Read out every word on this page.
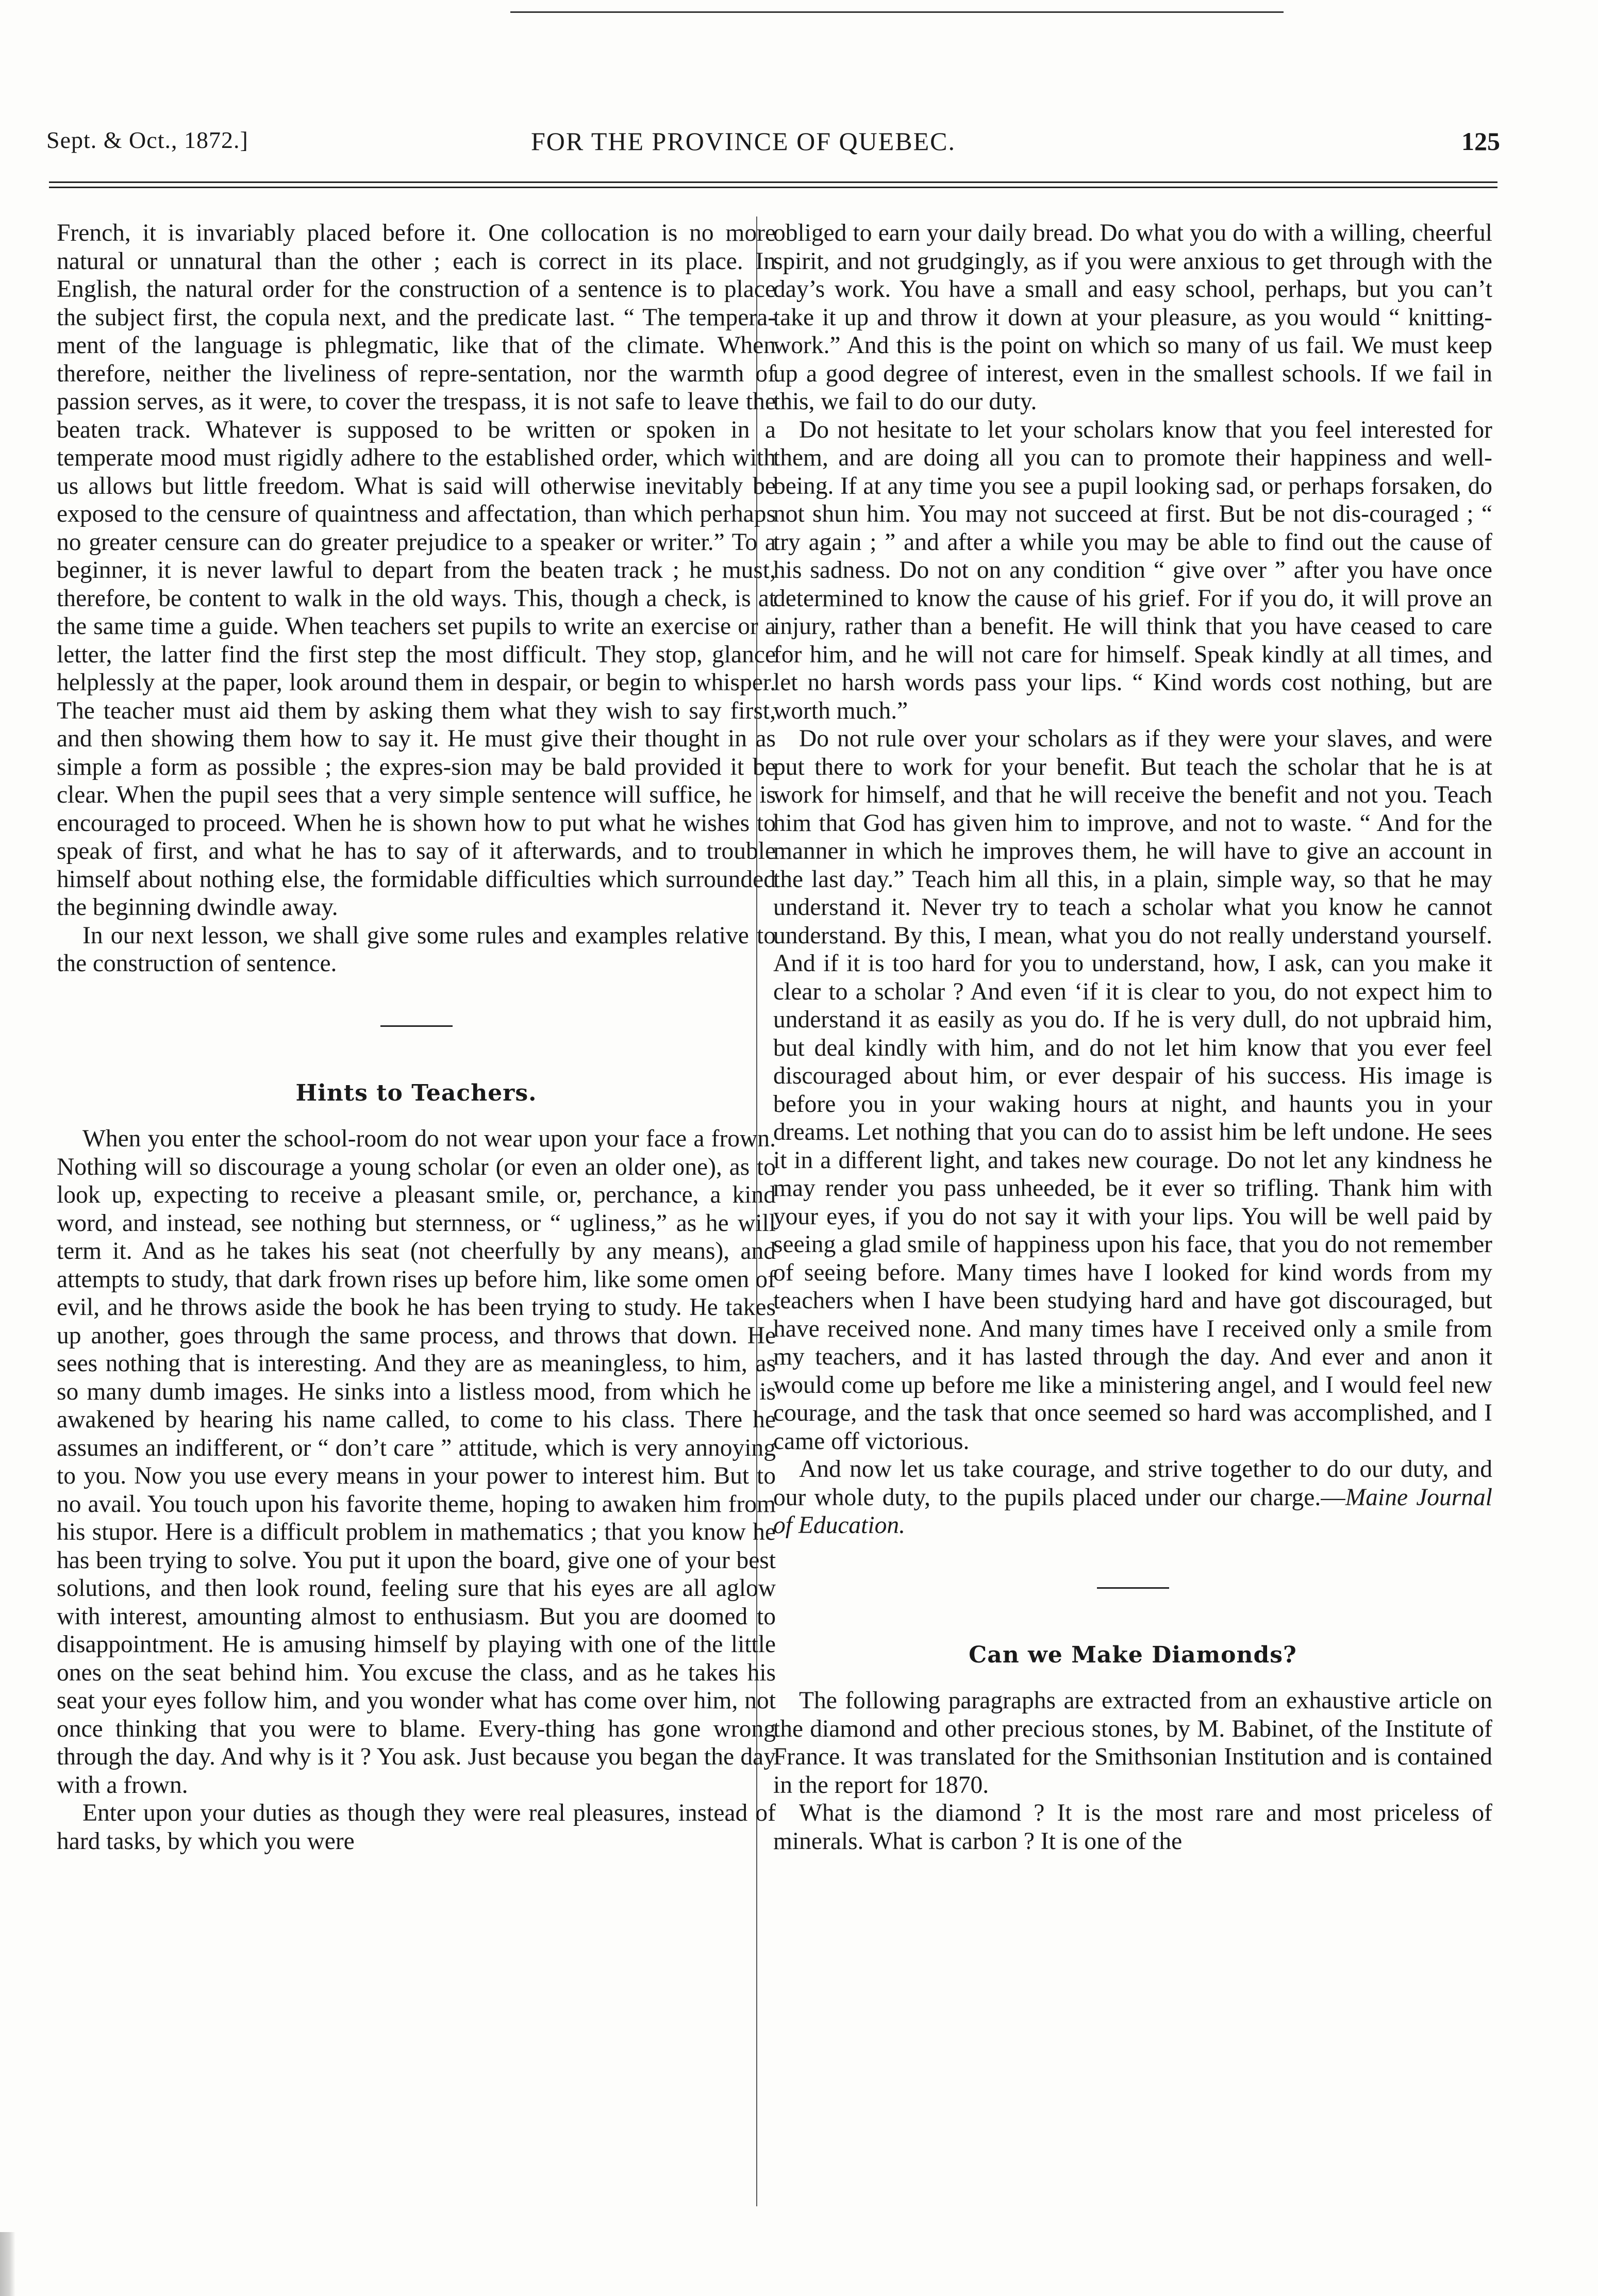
Sept. & Oct., 1872.]	FOR THE PROVINCE OF QUEBEC.	125

French, it is invariably placed before it. One collocation is no more natural or unnatural than the other ; each is correct in its place. In English, the natural order for the construction of a sentence is to place the subject first, the copula next, and the predicate last. “ The tempera-ment of the language is phlegmatic, like that of the climate. When therefore, neither the liveliness of repre-sentation, nor the warmth of passion serves, as it were, to cover the trespass, it is not safe to leave the beaten track. Whatever is supposed to be written or spoken in a temperate mood must rigidly adhere to the established order, which with us allows but little freedom. What is said will otherwise inevitably be exposed to the censure of quaintness and affectation, than which perhaps no greater censure can do greater prejudice to a speaker or writer.” To a beginner, it is never lawful to depart from the beaten track ; he must, therefore, be content to walk in the old ways. This, though a check, is at the same time a guide. When teachers set pupils to write an exercise or a letter, the latter find the first step the most difficult. They stop, glance helplessly at the paper, look around them in despair, or begin to whisper. The teacher must aid them by asking them what they wish to say first, and then showing them how to say it. He must give their thought in as simple a form as possible ; the expres-sion may be bald provided it be clear. When the pupil sees that a very simple sentence will suffice, he is encouraged to proceed. When he is shown how to put what he wishes to speak of first, and what he has to say of it afterwards, and to trouble himself about nothing else, the formidable difficulties which surrounded the beginning dwindle away.

In our next lesson, we shall give some rules and examples relative to the construction of sentence.

Hints to Teachers.

When you enter the school-room do not wear upon your face a frown. Nothing will so discourage a young scholar (or even an older one), as to look up, expecting to receive a pleasant smile, or, perchance, a kind word, and instead, see nothing but sternness, or “ ugliness,” as he will term it. And as he takes his seat (not cheerfully by any means), and attempts to study, that dark frown rises up before him, like some omen of evil, and he throws aside the book he has been trying to study. He takes up another, goes through the same process, and throws that down. He sees nothing that is interesting. And they are as meaningless, to him, as so many dumb images. He sinks into a listless mood, from which he is awakened by hearing his name called, to come to his class. There he assumes an indifferent, or “ don’t care ” attitude, which is very annoying to you. Now you use every means in your power to interest him. But to no avail. You touch upon his favorite theme, hoping to awaken him from his stupor. Here is a difficult problem in mathematics ; that you know he has been trying to solve. You put it upon the board, give one of your best solutions, and then look round, feeling sure that his eyes are all aglow with interest, amounting almost to enthusiasm. But you are doomed to disappointment. He is amusing himself by playing with one of the little ones on the seat behind him. You excuse the class, and as he takes his seat your eyes follow him, and you wonder what has come over him, not once thinking that you were to blame. Every-thing has gone wrong through the day. And why is it ? You ask. Just because you began the day with a frown.

Enter upon your duties as though they were real pleasures, instead of hard tasks, by which you were

obliged to earn your daily bread. Do what you do with a willing, cheerful spirit, and not grudgingly, as if you were anxious to get through with the day’s work. You have a small and easy school, perhaps, but you can’t take it up and throw it down at your pleasure, as you would “ knitting-work.” And this is the point on which so many of us fail. We must keep up a good degree of interest, even in the smallest schools. If we fail in this, we fail to do our duty.

Do not hesitate to let your scholars know that you feel interested for them, and are doing all you can to promote their happiness and well-being. If at any time you see a pupil looking sad, or perhaps forsaken, do not shun him. You may not succeed at first. But be not dis-couraged ; “ try again ; ” and after a while you may be able to find out the cause of his sadness. Do not on any condition “ give over ” after you have once determined to know the cause of his grief. For if you do, it will prove an injury, rather than a benefit. He will think that you have ceased to care for him, and he will not care for himself. Speak kindly at all times, and let no harsh words pass your lips. “ Kind words cost nothing, but are worth much.”

Do not rule over your scholars as if they were your slaves, and were put there to work for your benefit. But teach the scholar that he is at work for himself, and that he will receive the benefit and not you. Teach him that God has given him to improve, and not to waste. “ And for the manner in which he improves them, he will have to give an account in the last day.” Teach him all this, in a plain, simple way, so that he may understand it. Never try to teach a scholar what you know he cannot understand. By this, I mean, what you do not really understand yourself. And if it is too hard for you to understand, how, I ask, can you make it clear to a scholar ? And even ‘if it is clear to you, do not expect him to understand it as easily as you do. If he is very dull, do not upbraid him, but deal kindly with him, and do not let him know that you ever feel discouraged about him, or ever despair of his success. His image is before you in your waking hours at night, and haunts you in your dreams. Let nothing that you can do to assist him be left undone. He sees it in a different light, and takes new courage. Do not let any kindness he may render you pass unheeded, be it ever so trifling. Thank him with your eyes, if you do not say it with your lips. You will be well paid by seeing a glad smile of happiness upon his face, that you do not remember of seeing before. Many times have I looked for kind words from my teachers when I have been studying hard and have got discouraged, but have received none. And many times have I received only a smile from my teachers, and it has lasted through the day. And ever and anon it would come up before me like a ministering angel, and I would feel new courage, and the task that once seemed so hard was accomplished, and I came off victorious.

And now let us take courage, and strive together to do our duty, and our whole duty, to the pupils placed under our charge.—Maine Journal of Education.

Can we Make Diamonds?

The following paragraphs are extracted from an exhaustive article on the diamond and other precious stones, by M. Babinet, of the Institute of France. It was translated for the Smithsonian Institution and is contained in the report for 1870.

What is the diamond ? It is the most rare and most priceless of minerals. What is carbon ? It is one of the
